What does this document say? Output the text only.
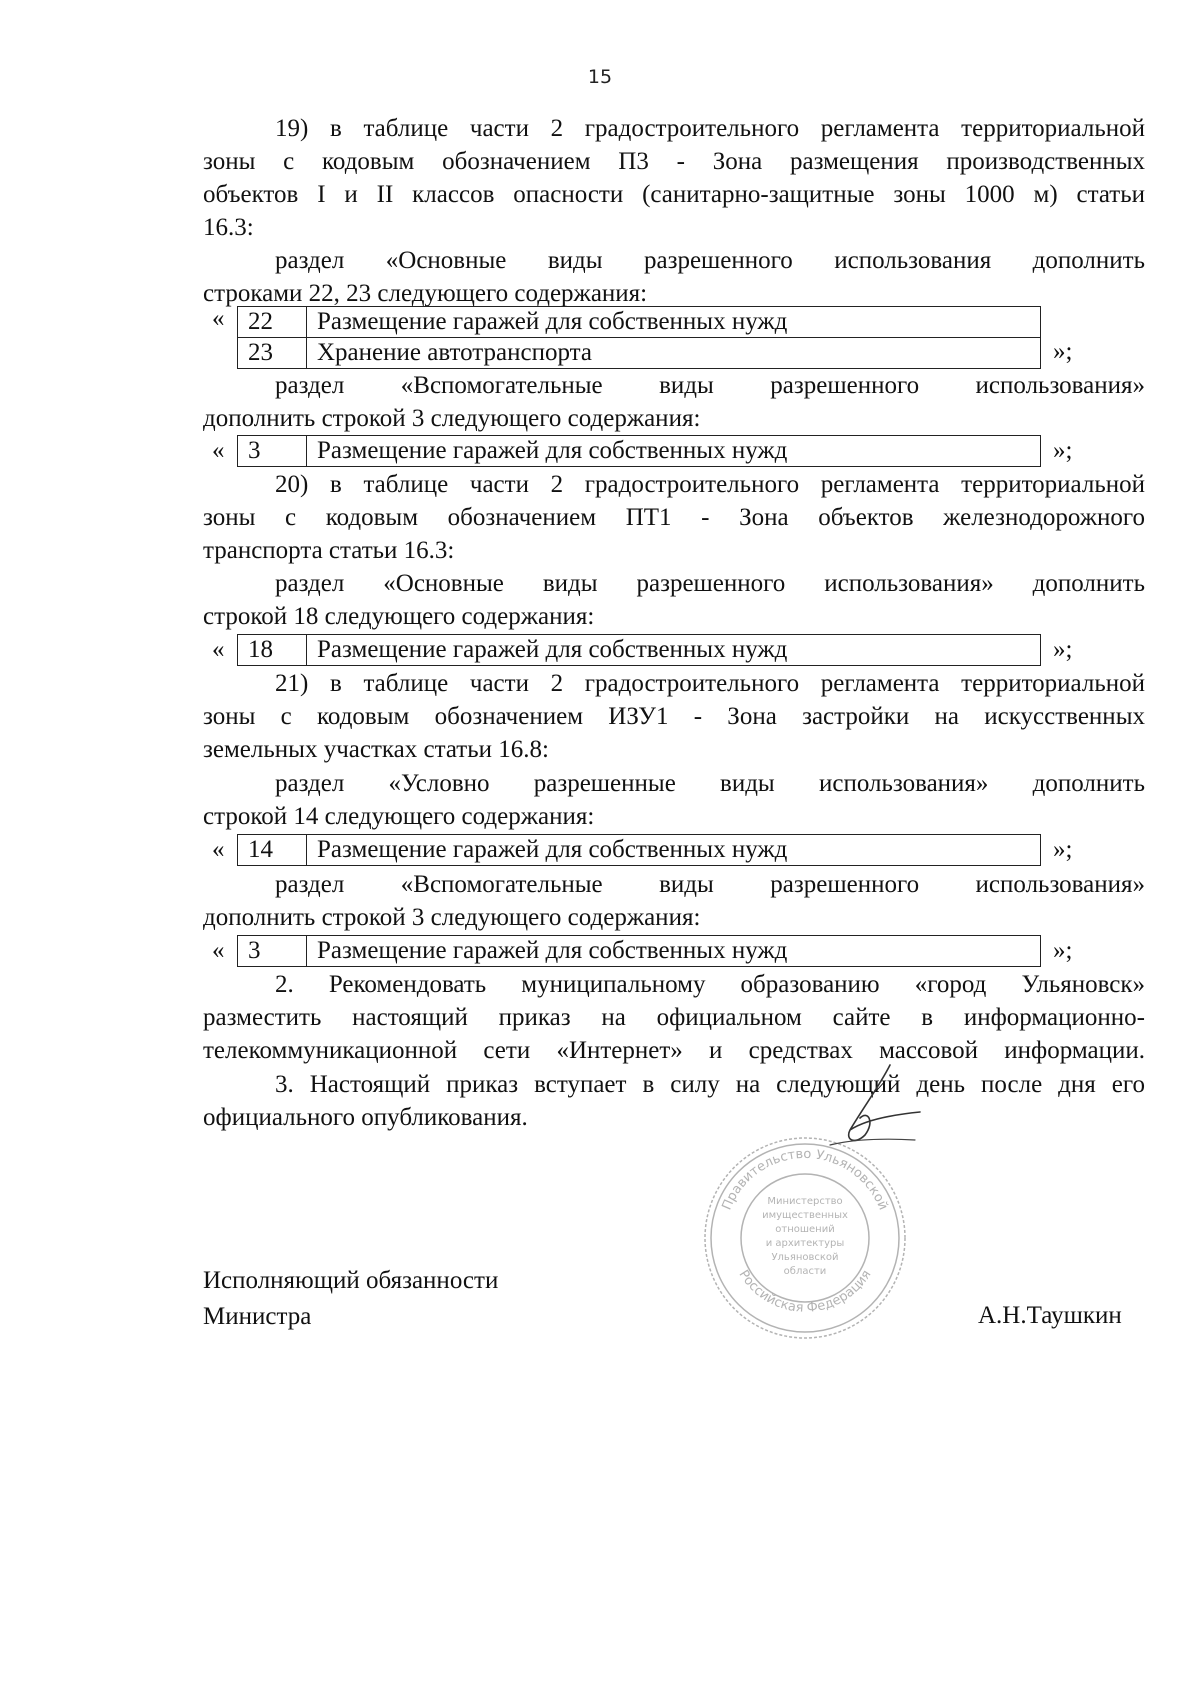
15
19) в таблице части 2 градостроительного регламента территориальной
зоны с кодовым обозначением П3 - Зона размещения производственных
объектов I и II классов опасности (санитарно-защитные зоны 1000 м) статьи
16.3:
раздел «Основные виды разрешенного использования дополнить
строками 22, 23 следующего содержания:
« 22	Размещение гаражей для собственных нужд
23	Хранение автотранспорта	»;
раздел «Вспомогательные виды разрешенного использования»
дополнить строкой 3 следующего содержания:
« 3	Размещение гаражей для собственных нужд	»;
20) в таблице части 2 градостроительного регламента территориальной
зоны с кодовым обозначением ПТ1 - Зона объектов железнодорожного
транспорта статьи 16.3:
раздел «Основные виды разрешенного использования» дополнить
строкой 18 следующего содержания:
« 18	Размещение гаражей для собственных нужд	»;
21) в таблице части 2 градостроительного регламента территориальной
зоны с кодовым обозначением ИЗУ1 - Зона застройки на искусственных
земельных участках статьи 16.8:
раздел «Условно разрешенные виды использования» дополнить
строкой 14 следующего содержания:
« 14	Размещение гаражей для собственных нужд	»;
раздел «Вспомогательные виды разрешенного использования»
дополнить строкой 3 следующего содержания:
« 3	Размещение гаражей для собственных нужд	»;
2. Рекомендовать муниципальному образованию «город Ульяновск»
разместить настоящий приказ на официальном сайте в информационно-
телекоммуникационной сети «Интернет» и средствах массовой информации.
3. Настоящий приказ вступает в силу на следующий день после дня его
официального опубликования.
Исполняющий обязанности
Министра	А.Н.Таушкин
Правительство Ульяновской
Российская Федерация
Министерство
имущественных
отношений
и архитектуры
Ульяновской
области
